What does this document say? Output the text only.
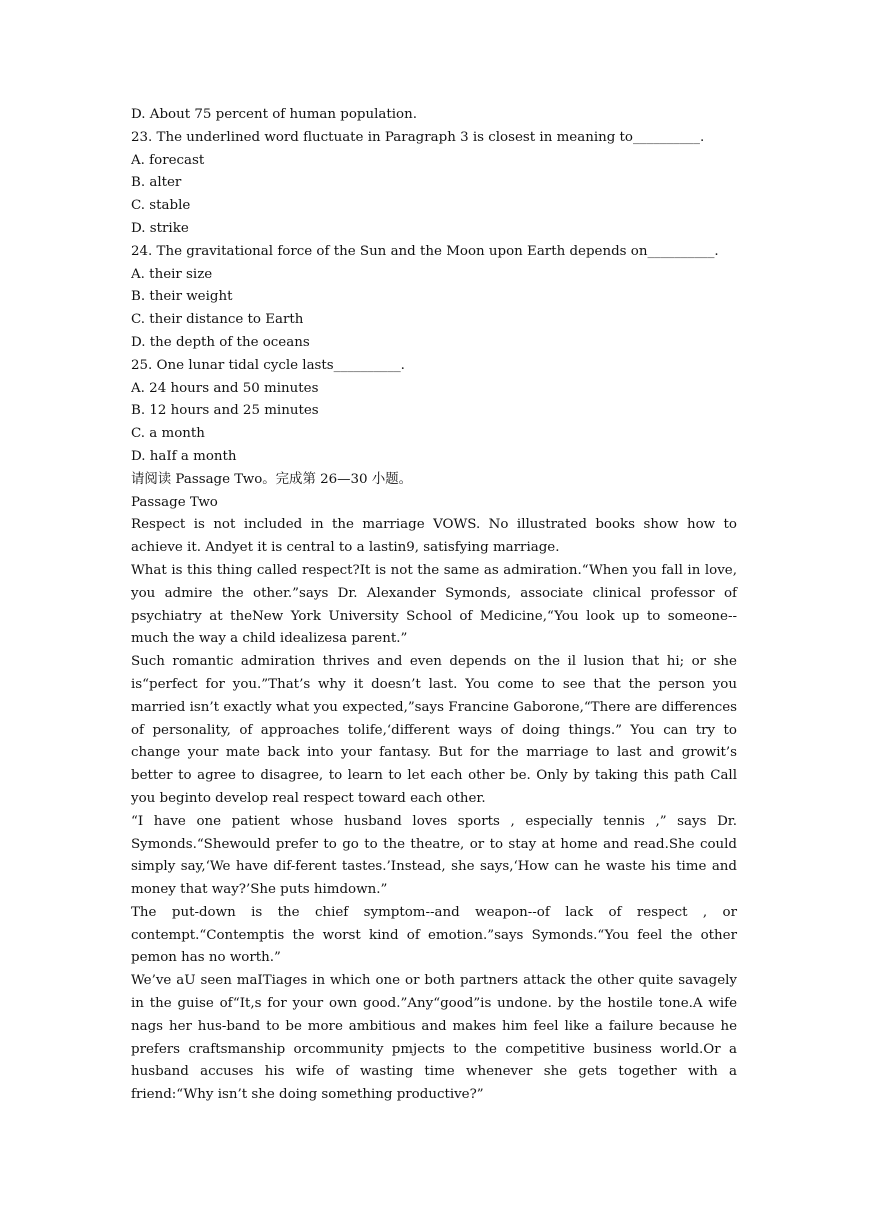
D. About 75 percent of human population.
23. The underlined word fluctuate in Paragraph 3 is closest in meaning to__________.
A. forecast
B. alter
C. stable
D. strike
24. The gravitational force of the Sun and the Moon upon Earth depends on__________.
A. their size
B. their weight
C. their distance to Earth
D. the depth of the oceans
25. One lunar tidal cycle lasts__________.
A. 24 hours and 50 minutes
B. 12 hours and 25 minutes
C. a month
D. haIf a month
请阅读 Passage Two。完成第 26—30 小题。
Passage Two

Respect is not included in the marriage VOWS. No illustrated books show how to achieve it. Andyet it is central to a lastin9, satisfying marriage.

What is this thing called respect?It is not the same as admiration.“When you fall in love, you admire the other.”says Dr. Alexander Symonds, associate clinical professor of psychiatry at theNew York University School of Medicine,“You look up to someone--much the way a child idealizesa parent.”

Such romantic admiration thrives and even depends on the il lusion that hi; or she is“perfect for you.”That’s why it doesn’t last. You come to see that the person you married isn’t exactly what you expected,”says Francine Gaborone,“There are differences of personality, of approaches tolife,‘different ways of doing things.” You can try to change your mate back into your fantasy. But for the marriage to last and growit’s better to agree to disagree, to learn to let each other be. Only by taking this path Call you beginto develop real respect toward each other.

“I have one patient whose husband loves sports , especially tennis ,” says Dr. Symonds.“Shewould prefer to go to the theatre, or to stay at home and read.She could simply say,‘We have dif-ferent tastes.’Instead, she says,‘How can he waste his time and money that way?’She puts himdown.”

The put-down is the chief symptom--and weapon--of lack of respect , or contempt.“Contemptis the worst kind of emotion.”says Symonds.“You feel the other pemon has no worth.”

We’ve aU seen maITiages in which one or both partners attack the other quite savagely in the guise of“It,s for your own good.”Any“good”is undone. by the hostile tone.A wife nags her hus-band to be more ambitious and makes him feel like a failure because he prefers craftsmanship orcommunity pmjects to the competitive business world.Or a husband accuses his wife of wasting time whenever she gets together with a friend:“Why isn’t she doing something productive?”
